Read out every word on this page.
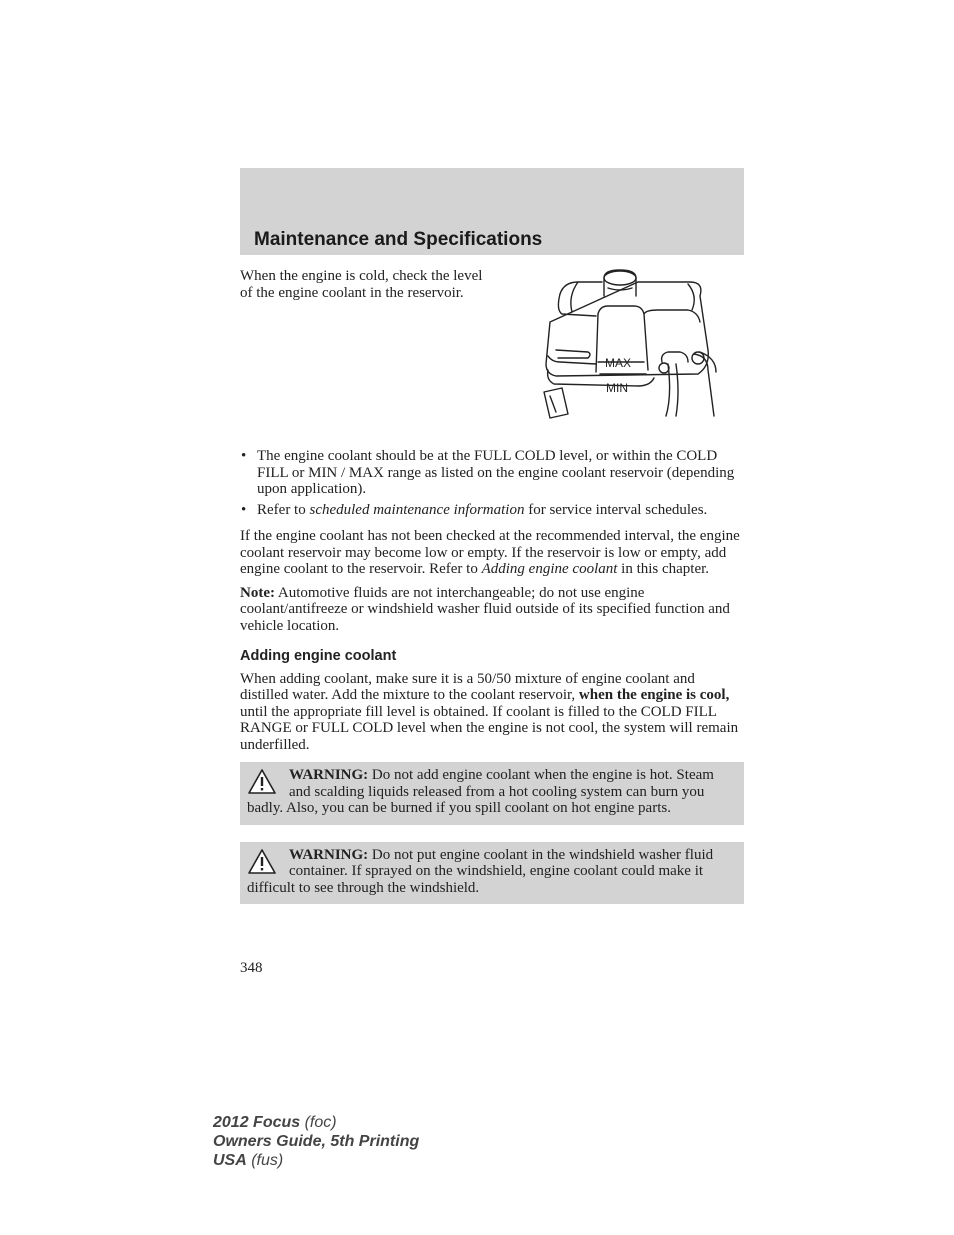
Maintenance and Specifications
When the engine is cold, check the level of the engine coolant in the reservoir.
MAX
MIN
• The engine coolant should be at the FULL COLD level, or within the COLD FILL or MIN / MAX range as listed on the engine coolant reservoir (depending upon application).
• Refer to scheduled maintenance information for service interval schedules.

If the engine coolant has not been checked at the recommended interval, the engine coolant reservoir may become low or empty. If the reservoir is low or empty, add engine coolant to the reservoir. Refer to Adding engine coolant in this chapter.

Note: Automotive fluids are not interchangeable; do not use engine coolant/antifreeze or windshield washer fluid outside of its specified function and vehicle location.

Adding engine coolant

When adding coolant, make sure it is a 50/50 mixture of engine coolant and distilled water. Add the mixture to the coolant reservoir, when the engine is cool, until the appropriate fill level is obtained. If coolant is filled to the COLD FILL RANGE or FULL COLD level when the engine is not cool, the system will remain underfilled.

WARNING: Do not add engine coolant when the engine is hot. Steam and scalding liquids released from a hot cooling system can burn you badly. Also, you can be burned if you spill coolant on hot engine parts.
WARNING: Do not put engine coolant in the windshield washer fluid container. If sprayed on the windshield, engine coolant could make it difficult to see through the windshield.
348
2012 Focus (foc)
Owners Guide, 5th Printing
USA (fus)
